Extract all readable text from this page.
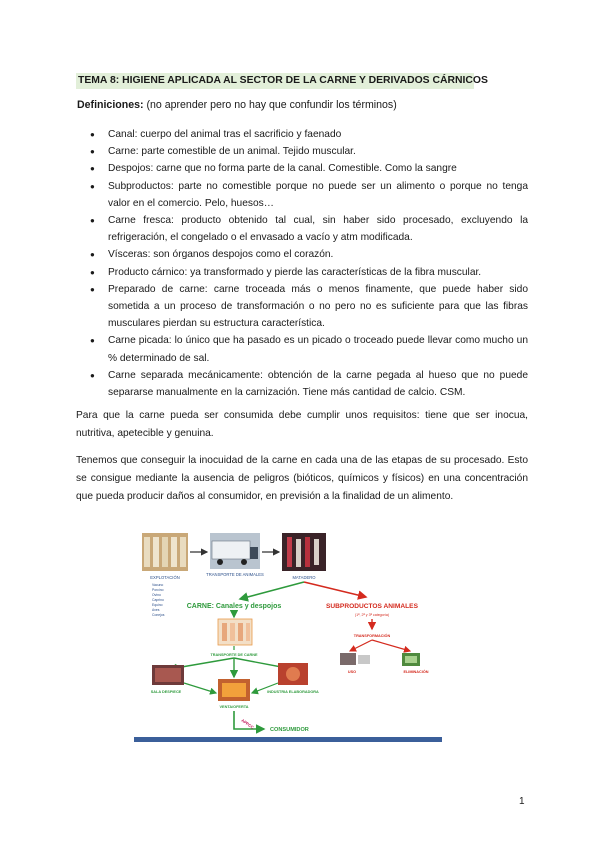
TEMA 8: HIGIENE APLICADA AL SECTOR DE LA CARNE Y DERIVADOS CÁRNICOS
Definiciones: (no aprender pero no hay que confundir los términos)
● Canal: cuerpo del animal tras el sacrificio y faenado
● Carne: parte comestible de un animal. Tejido muscular.
● Despojos: carne que no forma parte de la canal. Comestible. Como la sangre
● Subproductos: parte no comestible porque no puede ser un alimento o porque no tenga valor en el comercio. Pelo, huesos…
● Carne fresca: producto obtenido tal cual, sin haber sido procesado, excluyendo la refrigeración, el congelado o el envasado a vacío y atm modificada.
● Vísceras: son órganos despojos como el corazón.
● Producto cárnico: ya transformado y pierde las características de la fibra muscular.
● Preparado de carne: carne troceada más o menos finamente, que puede haber sido sometida a un proceso de transformación o no pero no es suficiente para que las fibras musculares pierdan su estructura característica.
● Carne picada: lo único que ha pasado es un picado o troceado puede llevar como mucho un % determinado de sal.
● Carne separada mecánicamente: obtención de la carne pegada al hueso que no puede separarse manualmente en la carnización. Tiene más cantidad de calcio. CSM.
Para que la carne pueda ser consumida debe cumplir unos requisitos: tiene que ser inocua, nutritiva, apetecible y genuina.
Tenemos que conseguir la inocuidad de la carne en cada una de las etapas de su procesado. Esto se consigue mediante la ausencia de peligros (bióticos, químicos y físicos) en una concentración que pueda producir daños al consumidor, en previsión a la finalidad de un alimento.
EXPLOTACIÓN
TRANSPORTE DE ANIMALES
MATADERO
Vacuno
Porcino
Ovino
Caprino
Equino
Aves
Conejos
CARNE: Canales y despojos	SUBPRODUCTOS ANIMALES
(1ª, 2ª y 3ª categoría)
TRANSPORTE DE CARNE
SALA DESPIECE	INDUSTRIA ELABORADORA
VENTA/OFERTA
CONSUMIDOR
APPCC
TRANSFORMACIÓN
USO	ELIMINACIÓN
1
